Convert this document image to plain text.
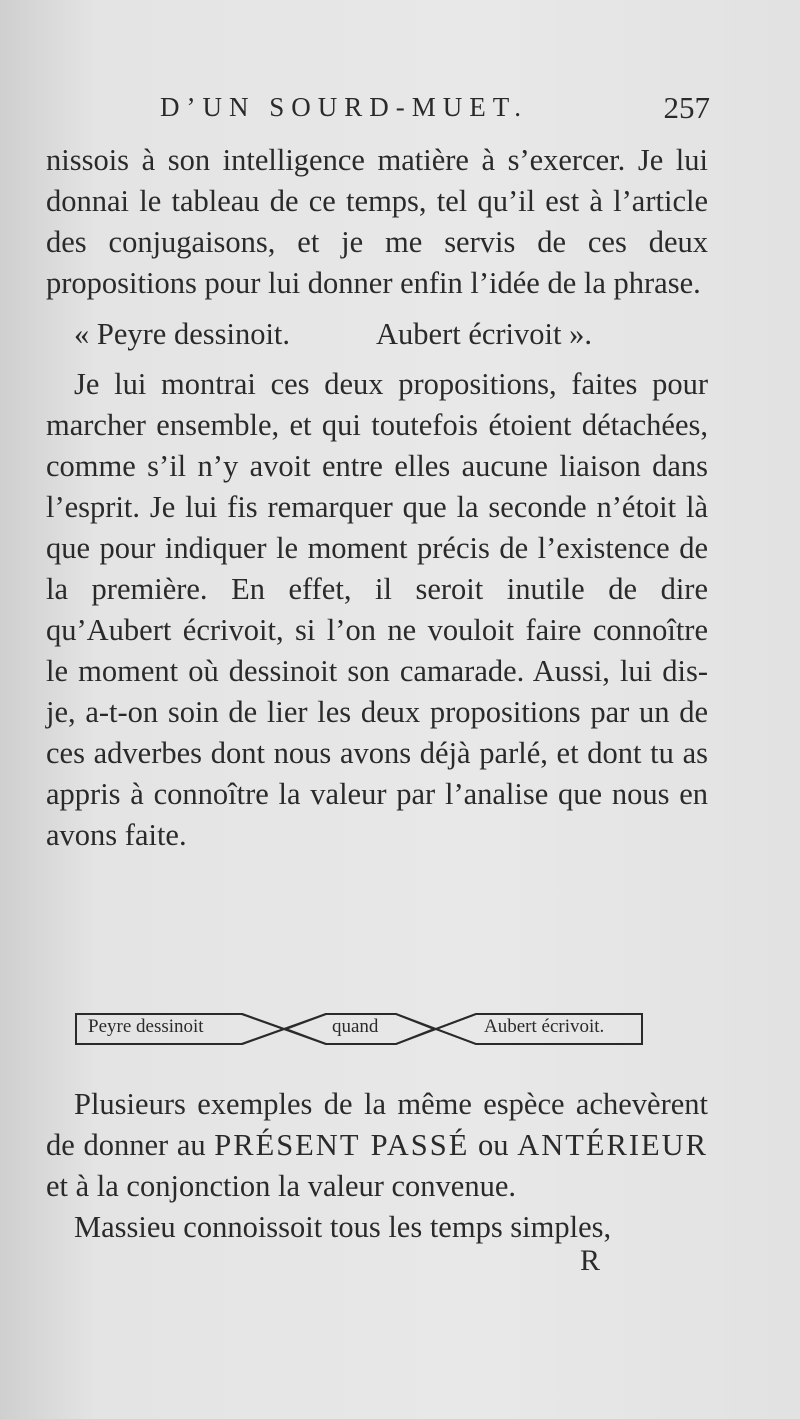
D’UN SOURD-MUET.	257

nissois à son intelligence matière à s’exercer. Je lui donnai le tableau de ce temps, tel qu’il est à l’article des conjugaisons, et je me servis de ces deux propositions pour lui donner enfin l’idée de la phrase.

« Peyre dessinoit.	Aubert écrivoit ».

Je lui montrai ces deux propositions, faites pour marcher ensemble, et qui toutefois étoient détachées, comme s’il n’y avoit entre elles aucune liaison dans l’esprit. Je lui fis remarquer que la seconde n’étoit là que pour indiquer le moment précis de l’existence de la première. En effet, il seroit inutile de dire qu’Aubert écrivoit, si l’on ne vouloit faire connoître le moment où dessinoit son camarade. Aussi, lui dis-je, a-t-on soin de lier les deux propositions par un de ces adverbes dont nous avons déjà parlé, et dont tu as appris à connoître la valeur par l’analise que nous en avons faite.

Peyre dessinoit	quand	Aubert écrivoit.

Plusieurs exemples de la même espèce achevèrent de donner au PRÉSENT PASSÉ ou ANTÉRIEUR et à la conjonction la valeur convenue.

Massieu connoissoit tous les temps simples,

R
